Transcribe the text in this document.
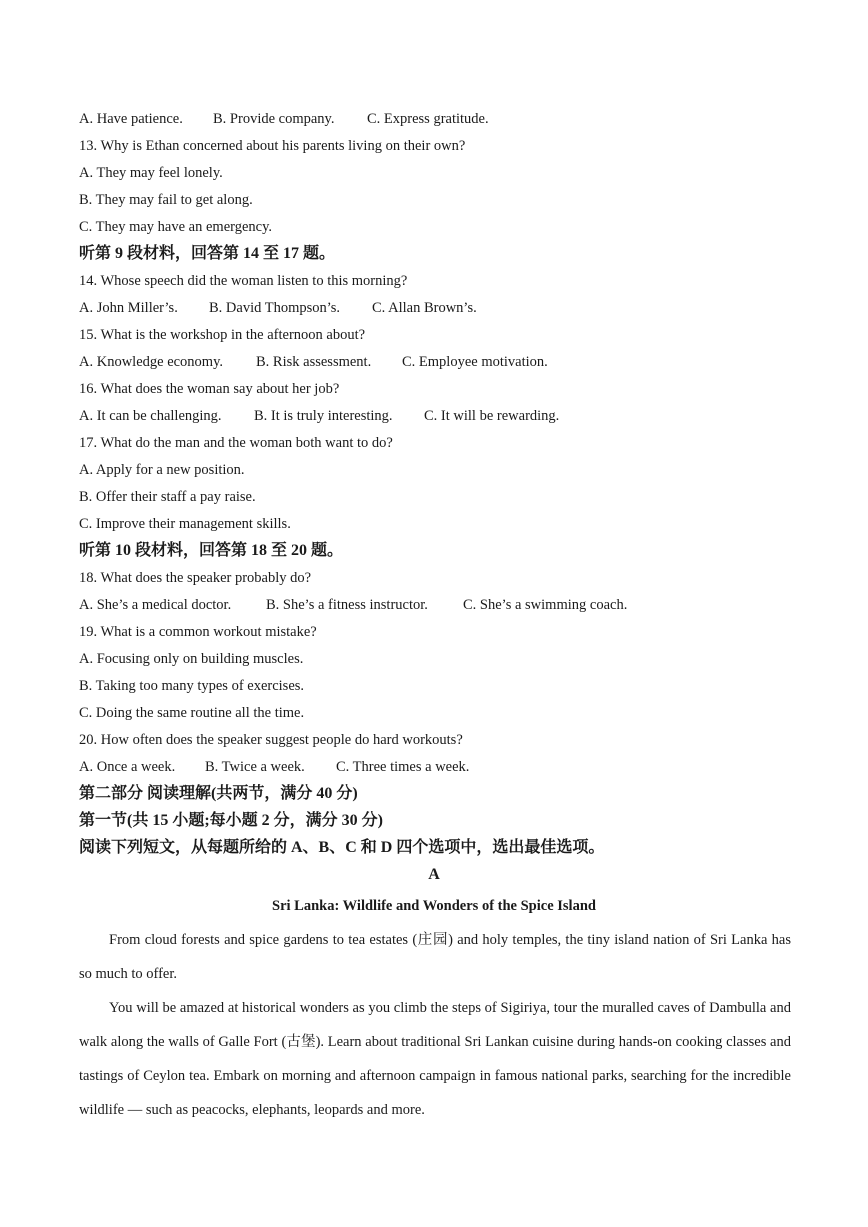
A. Have patience. B. Provide company. C. Express gratitude.
13. Why is Ethan concerned about his parents living on their own?
A. They may feel lonely.
B. They may fail to get along.
C. They may have an emergency.
听第 9 段材料，回答第 14 至 17 题。
14. Whose speech did the woman listen to this morning?
A. John Miller’s. B. David Thompson’s. C. Allan Brown’s.
15. What is the workshop in the afternoon about?
A. Knowledge economy. B. Risk assessment. C. Employee motivation.
16. What does the woman say about her job?
A. It can be challenging. B. It is truly interesting. C. It will be rewarding.
17. What do the man and the woman both want to do?
A. Apply for a new position.
B. Offer their staff a pay raise.
C. Improve their management skills.
听第 10 段材料，回答第 18 至 20 题。
18. What does the speaker probably do?
A. She’s a medical doctor. B. She’s a fitness instructor. C. She’s a swimming coach.
19. What is a common workout mistake?
A. Focusing only on building muscles.
B. Taking too many types of exercises.
C. Doing the same routine all the time.
20. How often does the speaker suggest people do hard workouts?
A. Once a week. B. Twice a week. C. Three times a week.
第二部分 阅读理解(共两节，满分 40 分)
第一节(共 15 小题;每小题 2 分，满分 30 分)
阅读下列短文，从每题所给的 A、B、C 和 D 四个选项中，选出最佳选项。
A
Sri Lanka: Wildlife and Wonders of the Spice Island
From cloud forests and spice gardens to tea estates (庄园) and holy temples, the tiny island nation of Sri Lanka has so much to offer.
You will be amazed at historical wonders as you climb the steps of Sigiriya, tour the muralled caves of Dambulla and walk along the walls of Galle Fort (古堡). Learn about traditional Sri Lankan cuisine during hands-on cooking classes and tastings of Ceylon tea. Embark on morning and afternoon campaign in famous national parks, searching for the incredible wildlife — such as peacocks, elephants, leopards and more.
